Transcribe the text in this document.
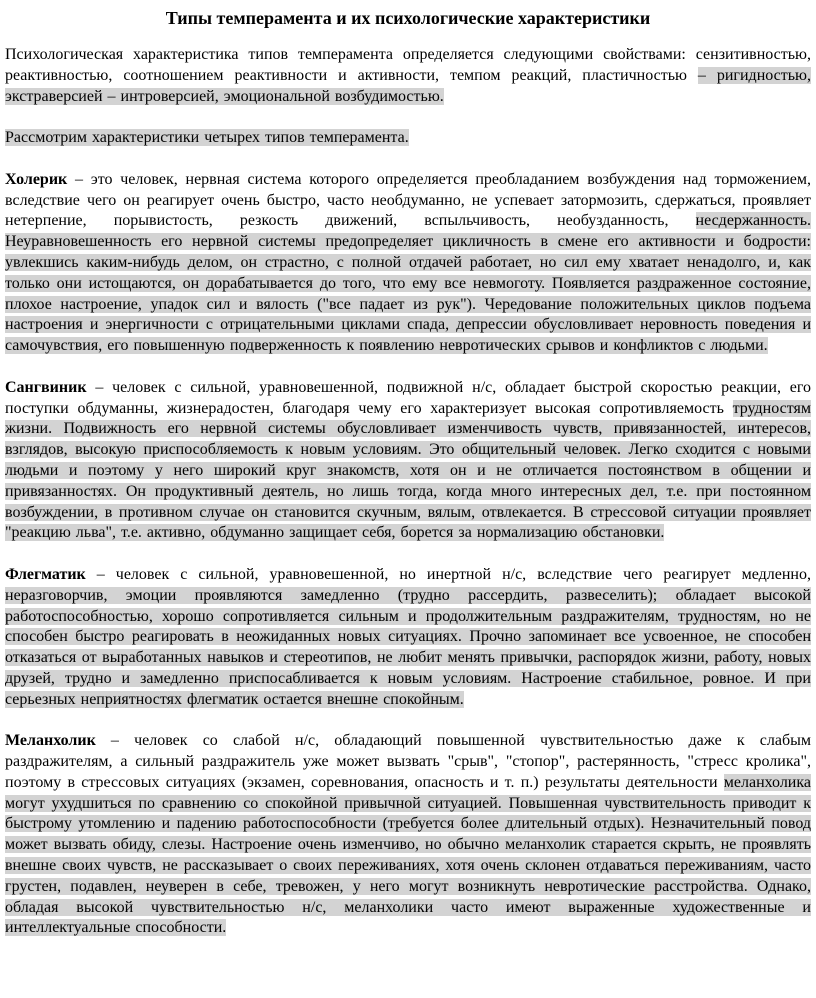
Типы темперамента и их психологические характеристики

Психологическая характеристика типов темперамента определяется следующими свойствами: сензитивностью, реактивностью, соотношением реактивности и активности, темпом реакций, пластичностью – ригидностью, экстраверсией – интроверсией, эмоциональной возбудимостью.

Рассмотрим характеристики четырех типов темперамента.

Холерик – это человек, нервная система которого определяется преобладанием возбуждения над торможением, вследствие чего он реагирует очень быстро, часто необдуманно, не успевает затормозить, сдержаться, проявляет нетерпение, порывистость, резкость движений, вспыльчивость, необузданность, несдержанность. Неуравновешенность его нервной системы предопределяет цикличность в смене его активности и бодрости: увлекшись каким-нибудь делом, он страстно, с полной отдачей работает, но сил ему хватает ненадолго, и, как только они истощаются, он дорабатывается до того, что ему все невмоготу. Появляется раздраженное состояние, плохое настроение, упадок сил и вялость ("все падает из рук"). Чередование положительных циклов подъема настроения и энергичности с отрицательными циклами спада, депрессии обусловливает неровность поведения и самочувствия, его повышенную подверженность к появлению невротических срывов и конфликтов с людьми.

Сангвиник – человек с сильной, уравновешенной, подвижной н/с, обладает быстрой скоростью реакции, его поступки обдуманны, жизнерадостен, благодаря чему его характеризует высокая сопротивляемость трудностям жизни. Подвижность его нервной системы обусловливает изменчивость чувств, привязанностей, интересов, взглядов, высокую приспособляемость к новым условиям. Это общительный человек. Легко сходится с новыми людьми и поэтому у него широкий круг знакомств, хотя он и не отличается постоянством в общении и привязанностях. Он продуктивный деятель, но лишь тогда, когда много интересных дел, т.е. при постоянном возбуждении, в противном случае он становится скучным, вялым, отвлекается. В стрессовой ситуации проявляет "реакцию льва", т.е. активно, обдуманно защищает себя, борется за нормализацию обстановки.

Флегматик – человек с сильной, уравновешенной, но инертной н/с, вследствие чего реагирует медленно, неразговорчив, эмоции проявляются замедленно (трудно рассердить, развеселить); обладает высокой работоспособностью, хорошо сопротивляется сильным и продолжительным раздражителям, трудностям, но не способен быстро реагировать в неожиданных новых ситуациях. Прочно запоминает все усвоенное, не способен отказаться от выработанных навыков и стереотипов, не любит менять привычки, распорядок жизни, работу, новых друзей, трудно и замедленно приспосабливается к новым условиям. Настроение стабильное, ровное. И при серьезных неприятностях флегматик остается внешне спокойным.

Меланхолик – человек со слабой н/с, обладающий повышенной чувствительностью даже к слабым раздражителям, а сильный раздражитель уже может вызвать "срыв", "стопор", растерянность, "стресс кролика", поэтому в стрессовых ситуациях (экзамен, соревнования, опасность и т. п.) результаты деятельности меланхолика могут ухудшиться по сравнению со спокойной привычной ситуацией. Повышенная чувствительность приводит к быстрому утомлению и падению работоспособности (требуется более длительный отдых). Незначительный повод может вызвать обиду, слезы. Настроение очень изменчиво, но обычно меланхолик старается скрыть, не проявлять внешне своих чувств, не рассказывает о своих переживаниях, хотя очень склонен отдаваться переживаниям, часто грустен, подавлен, неуверен в себе, тревожен, у него могут возникнуть невротические расстройства. Однако, обладая высокой чувствительностью н/с, меланхолики часто имеют выраженные художественные и интеллектуальные способности.
